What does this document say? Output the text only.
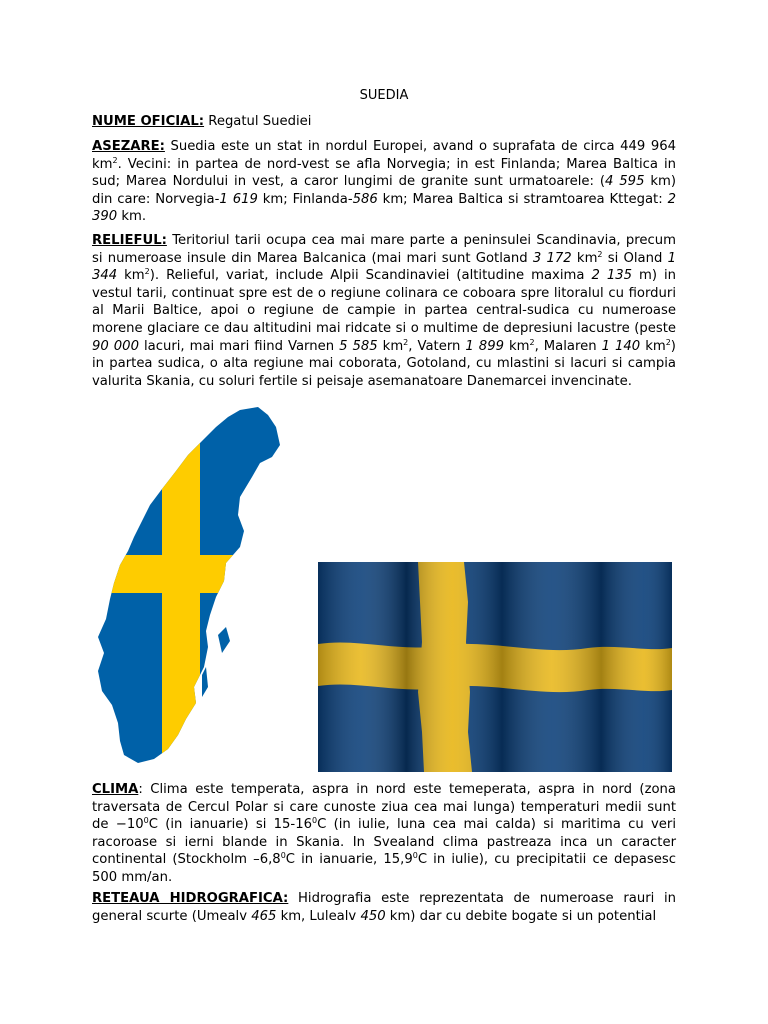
SUEDIA
NUME OFICIAL: Regatul Suediei
ASEZARE: Suedia este un stat in nordul Europei, avand o suprafata de circa 449 964 $km^2$. Vecini: in partea de nord-vest se afla Norvegia; in est Finlanda; Marea Baltica in sud; Marea Nordului in vest, a caror lungimi de granite sunt urmatoarele: (4 595 km) din care: Norvegia-1 619 km; Finlanda-586 km; Marea Baltica si stramtoarea Kttegat: 2 390 km.
RELIEFUL: Teritoriul tarii ocupa cea mai mare parte a peninsulei Scandinavia, precum si numeroase insule din Marea Balcanica (mai mari sunt Gotland 3 172 $km^2$ si Oland 1 344 $km^2$). Relieful, variat, include Alpii Scandinaviei (altitudine maxima 2 135 m) in vestul tarii, continuat spre est de o regiune colinara ce coboara spre litoralul cu fiorduri al Marii Baltice, apoi o regiune de campie in partea central-sudica cu numeroase morene glaciare ce dau altitudini mai ridcate si o multime de depresiuni lacustre (peste 90 000 lacuri, mai mari fiind Varnen 5 585 $km^2$, Vatern 1 899 $km^2$, Malaren 1 140 $km^2$) in partea sudica, o alta regiune mai coborata, Gotoland, cu mlastini si lacuri si campia valurita Skania, cu soluri fertile si peisaje asemanatoare Danemarcei invencinate.
CLIMA: Clima este temperata, aspra in nord este temeperata, aspra in nord (zona traversata de Cercul Polar si care cunoste ziua cea mai lunga) temperaturi medii sunt de $-10^0C$ (in ianuarie) si $15-16^0C$ (in iulie, luna cea mai calda) si maritima cu veri racoroase si ierni blande in Skania. In Svealand clima pastreaza inca un caracter continental (Stockholm $-6,8^0C$ in ianuarie, 15,9$^0$C in iulie), cu precipitatii ce depasesc 500 mm/an.
RETEAUA HIDROGRAFICA: Hidrografia este reprezentata de numeroase rauri in general scurte (Umealv 465 km, Lulealv 450 km) dar cu debite bogate si un potential
